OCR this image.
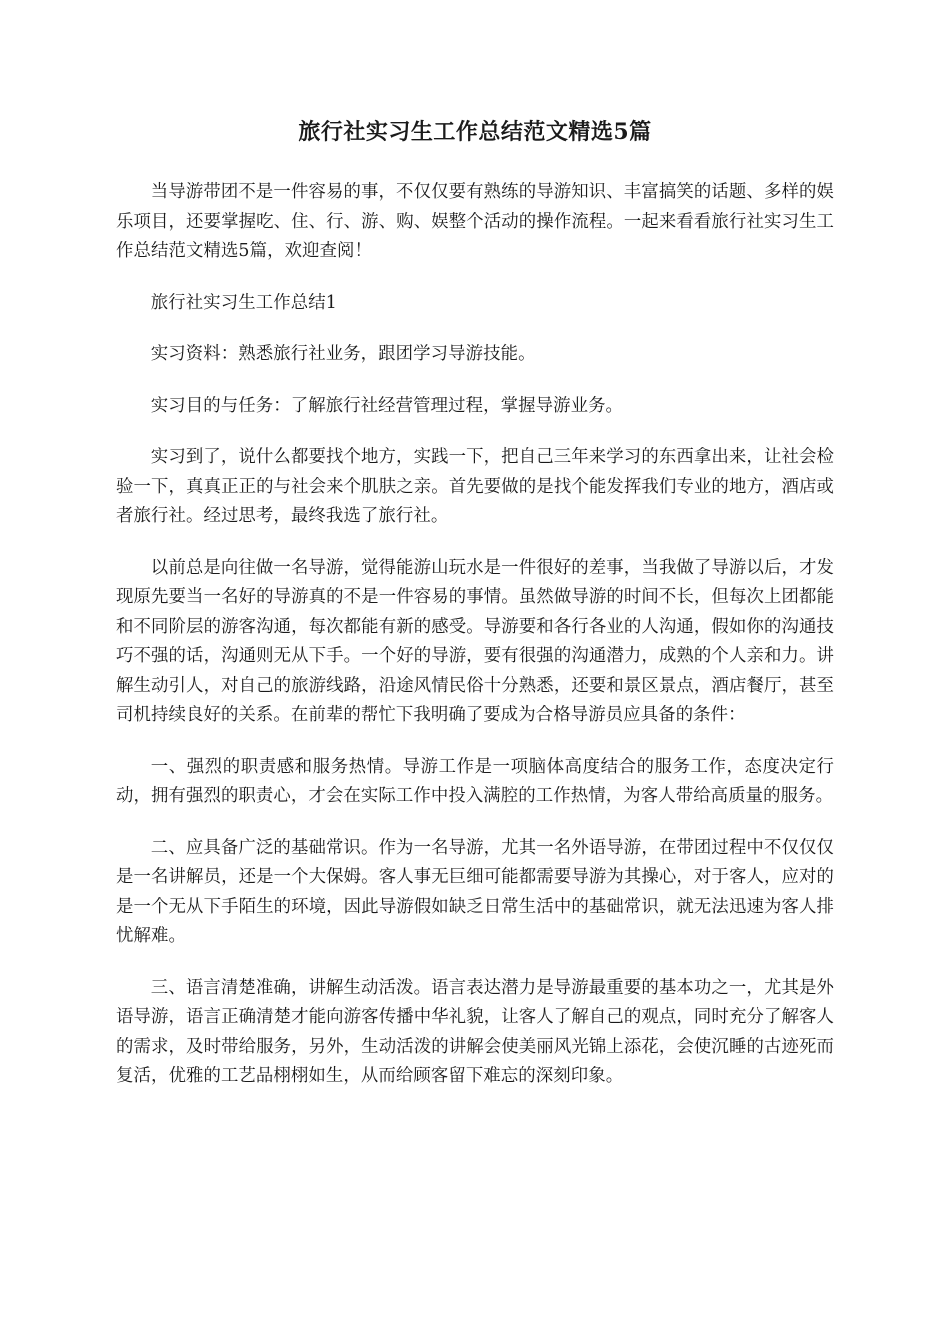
旅行社实习生工作总结范文精选5篇

当导游带团不是一件容易的事，不仅仅要有熟练的导游知识、丰富搞笑的话题、多样的娱乐项目，还要掌握吃、住、行、游、购、娱整个活动的操作流程。一起来看看旅行社实习生工作总结范文精选5篇，欢迎查阅！

旅行社实习生工作总结1

实习资料：熟悉旅行社业务，跟团学习导游技能。

实习目的与任务：了解旅行社经营管理过程，掌握导游业务。

实习到了，说什么都要找个地方，实践一下，把自己三年来学习的东西拿出来，让社会检验一下，真真正正的与社会来个肌肤之亲。首先要做的是找个能发挥我们专业的地方，酒店或者旅行社。经过思考，最终我选了旅行社。

以前总是向往做一名导游，觉得能游山玩水是一件很好的差事，当我做了导游以后，才发现原先要当一名好的导游真的不是一件容易的事情。虽然做导游的时间不长，但每次上团都能和不同阶层的游客沟通，每次都能有新的感受。导游要和各行各业的人沟通，假如你的沟通技巧不强的话，沟通则无从下手。一个好的导游，要有很强的沟通潜力，成熟的个人亲和力。讲解生动引人，对自己的旅游线路，沿途风情民俗十分熟悉，还要和景区景点，酒店餐厅，甚至司机持续良好的关系。在前辈的帮忙下我明确了要成为合格导游员应具备的条件：

一、强烈的职责感和服务热情。导游工作是一项脑体高度结合的服务工作，态度决定行动，拥有强烈的职责心，才会在实际工作中投入满腔的工作热情，为客人带给高质量的服务。

二、应具备广泛的基础常识。作为一名导游，尤其一名外语导游，在带团过程中不仅仅仅是一名讲解员，还是一个大保姆。客人事无巨细可能都需要导游为其操心，对于客人，应对的是一个无从下手陌生的环境，因此导游假如缺乏日常生活中的基础常识，就无法迅速为客人排忧解难。

三、语言清楚准确，讲解生动活泼。语言表达潜力是导游最重要的基本功之一，尤其是外语导游，语言正确清楚才能向游客传播中华礼貌，让客人了解自己的观点，同时充分了解客人的需求，及时带给服务，另外，生动活泼的讲解会使美丽风光锦上添花，会使沉睡的古迹死而复活，优雅的工艺品栩栩如生，从而给顾客留下难忘的深刻印象。
